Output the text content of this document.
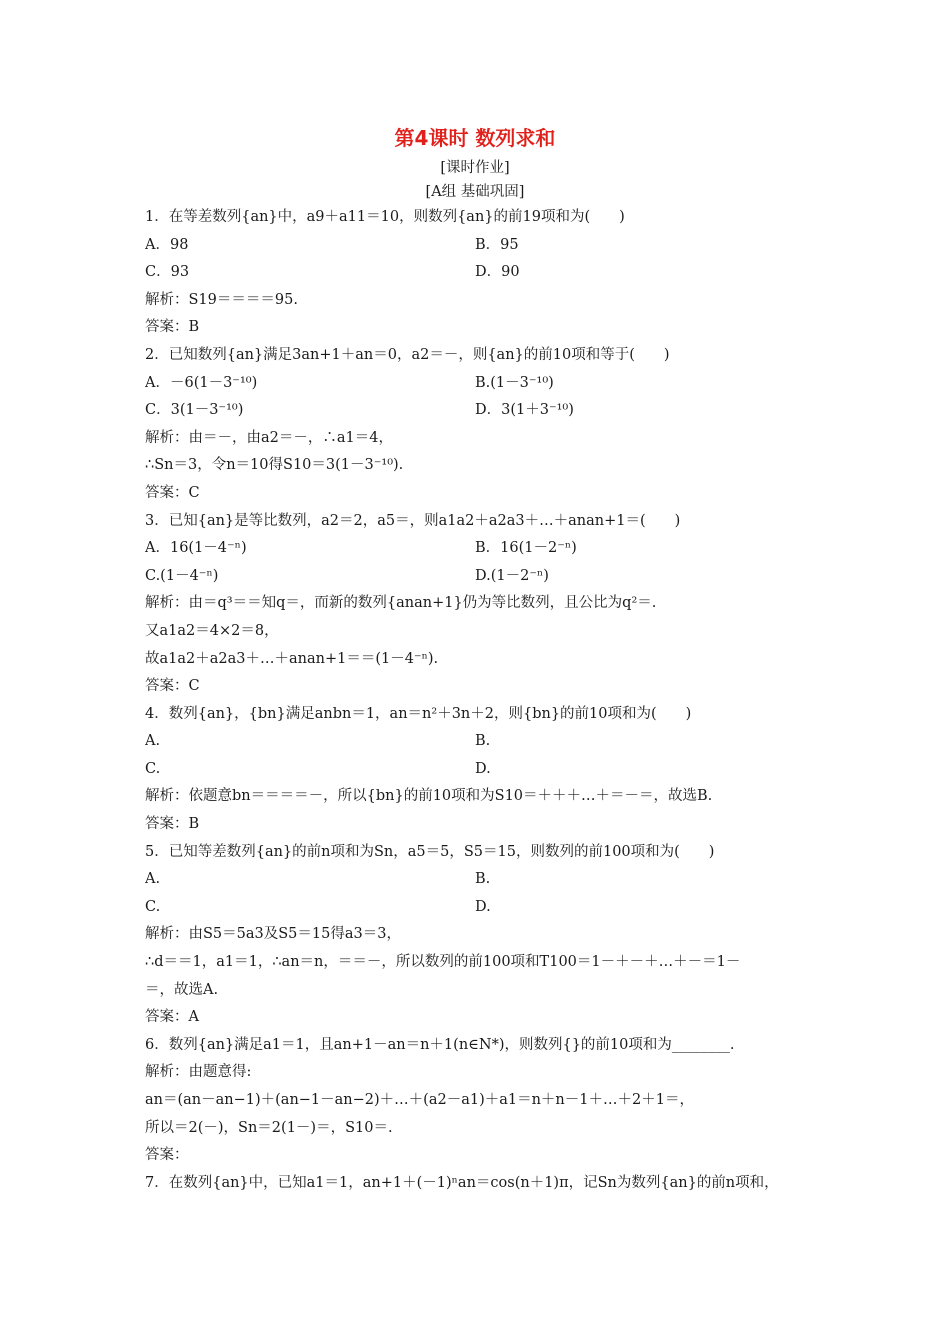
第4课时 数列求和
[课时作业]
[A组 基础巩固]
1．在等差数列{an}中，a9＋a11＝10，则数列{an}的前19项和为(　　)
A．98	B．95
C．93	D．90
解析：S19＝＝＝＝95.
答案：B
2．已知数列{an}满足3an+1＋an＝0，a2＝－，则{an}的前10项和等于(　　)
A．－6(1－3⁻¹⁰)	B.(1－3⁻¹⁰)
C．3(1－3⁻¹⁰)	D．3(1＋3⁻¹⁰)
解析：由＝－，由a2＝－，∴a1＝4，
∴Sn＝3，令n＝10得S10＝3(1－3⁻¹⁰).
答案：C
3．已知{an}是等比数列，a2＝2，a5＝，则a1a2＋a2a3＋…＋anan+1＝(　　)
A．16(1－4⁻ⁿ)	B．16(1－2⁻ⁿ)
C.(1－4⁻ⁿ)	D.(1－2⁻ⁿ)
解析：由＝q³＝＝知q＝，而新的数列{anan+1}仍为等比数列，且公比为q²＝.
又a1a2＝4×2＝8，
故a1a2＋a2a3＋…＋anan+1＝＝(1－4⁻ⁿ).
答案：C
4．数列{an}，{bn}满足anbn＝1，an＝n²＋3n＋2，则{bn}的前10项和为(　　)
A.	B.
C.	D.
解析：依题意bn＝＝＝＝－，所以{bn}的前10项和为S10＝＋＋＋…＋＝－＝，故选B.
答案：B
5．已知等差数列{an}的前n项和为Sn，a5＝5，S5＝15，则数列的前100项和为(　　)
A.	B.
C.	D.
解析：由S5＝5a3及S5＝15得a3＝3，
∴d＝＝1，a1＝1，∴an＝n，＝＝－，所以数列的前100项和T100＝1－＋－＋…＋－＝1－
＝，故选A.
答案：A
6．数列{an}满足a1＝1，且an+1－an＝n＋1(n∈N*)，则数列{}的前10项和为________.
解析：由题意得:
an＝(an－an−1)＋(an−1－an−2)＋…＋(a2－a1)＋a1＝n＋n－1＋…＋2＋1＝，
所以＝2(－)，Sn＝2(1－)＝，S10＝.
答案：
7．在数列{an}中，已知a1＝1，an+1＋(－1)ⁿan＝cos(n＋1)π，记Sn为数列{an}的前n项和，
